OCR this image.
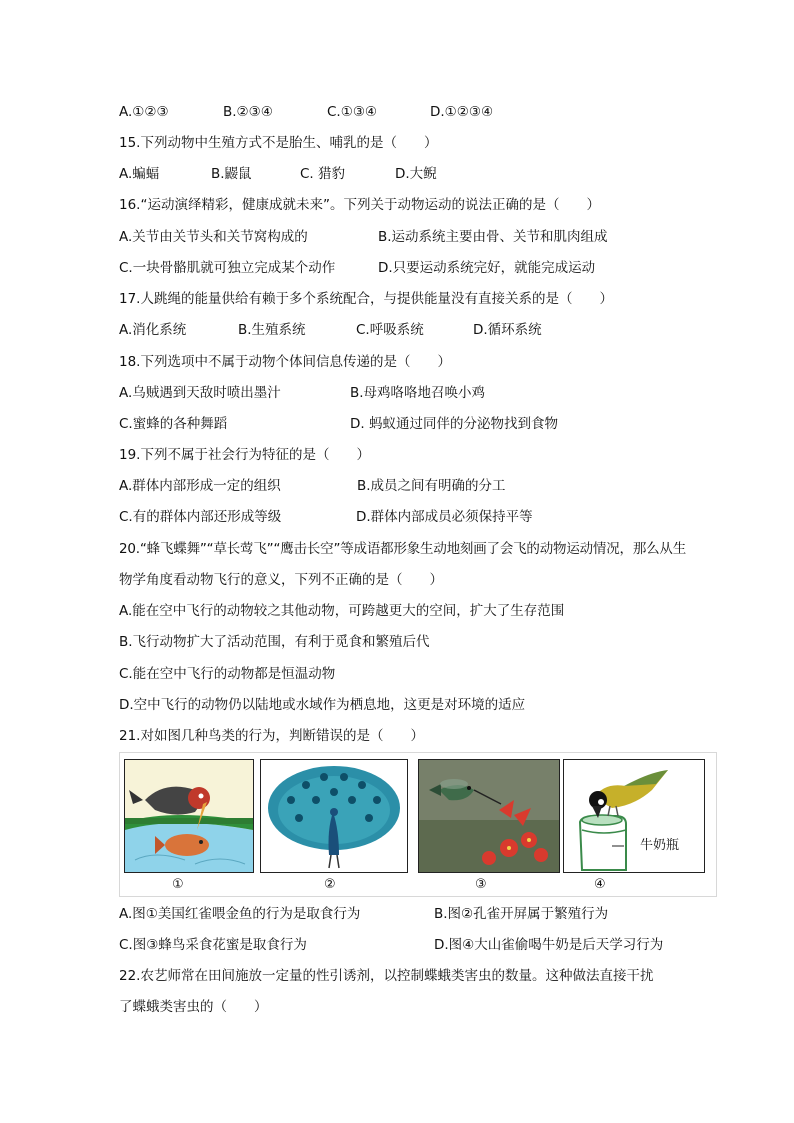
A.①②③	B.②③④	C.①③④	D.①②③④
15.下列动物中生殖方式不是胎生、哺乳的是（　　）
A.蝙蝠	B.鼹鼠	C. 猎豹	D.大鲵
16.“运动演绎精彩，健康成就未来”。下列关于动物运动的说法正确的是（　　）
A.关节由关节头和关节窝构成的	B.运动系统主要由骨、关节和肌肉组成
C.一块骨骼肌就可独立完成某个动作	D.只要运动系统完好，就能完成运动
17.人跳绳的能量供给有赖于多个系统配合，与提供能量没有直接关系的是（　　）
A.消化系统	B.生殖系统	C.呼吸系统	D.循环系统
18.下列选项中不属于动物个体间信息传递的是（　　）
A.乌贼遇到天敌时喷出墨汁	B.母鸡咯咯地召唤小鸡
C.蜜蜂的各种舞蹈	D. 蚂蚁通过同伴的分泌物找到食物
19.下列不属于社会行为特征的是（　　）
A.群体内部形成一定的组织	B.成员之间有明确的分工
C.有的群体内部还形成等级	D.群体内部成员必须保持平等
20.“蜂飞蝶舞”“草长莺飞”“鹰击长空”等成语都形象生动地刻画了会飞的动物运动情况，那么从生
物学角度看动物飞行的意义，下列不正确的是（　　）
A.能在空中飞行的动物较之其他动物，可跨越更大的空间，扩大了生存范围
B.飞行动物扩大了活动范围，有利于觅食和繁殖后代
C.能在空中飞行的动物都是恒温动物
D.空中飞行的动物仍以陆地或水域作为栖息地，这更是对环境的适应
21.对如图几种鸟类的行为，判断错误的是（　　）
牛奶瓶
①	②	③	④
A.图①美国红雀喂金鱼的行为是取食行为	B.图②孔雀开屏属于繁殖行为
C.图③蜂鸟采食花蜜是取食行为	D.图④大山雀偷喝牛奶是后天学习行为
22.农艺师常在田间施放一定量的性引诱剂，以控制蝶蛾类害虫的数量。这种做法直接干扰
了蝶蛾类害虫的（　　）
